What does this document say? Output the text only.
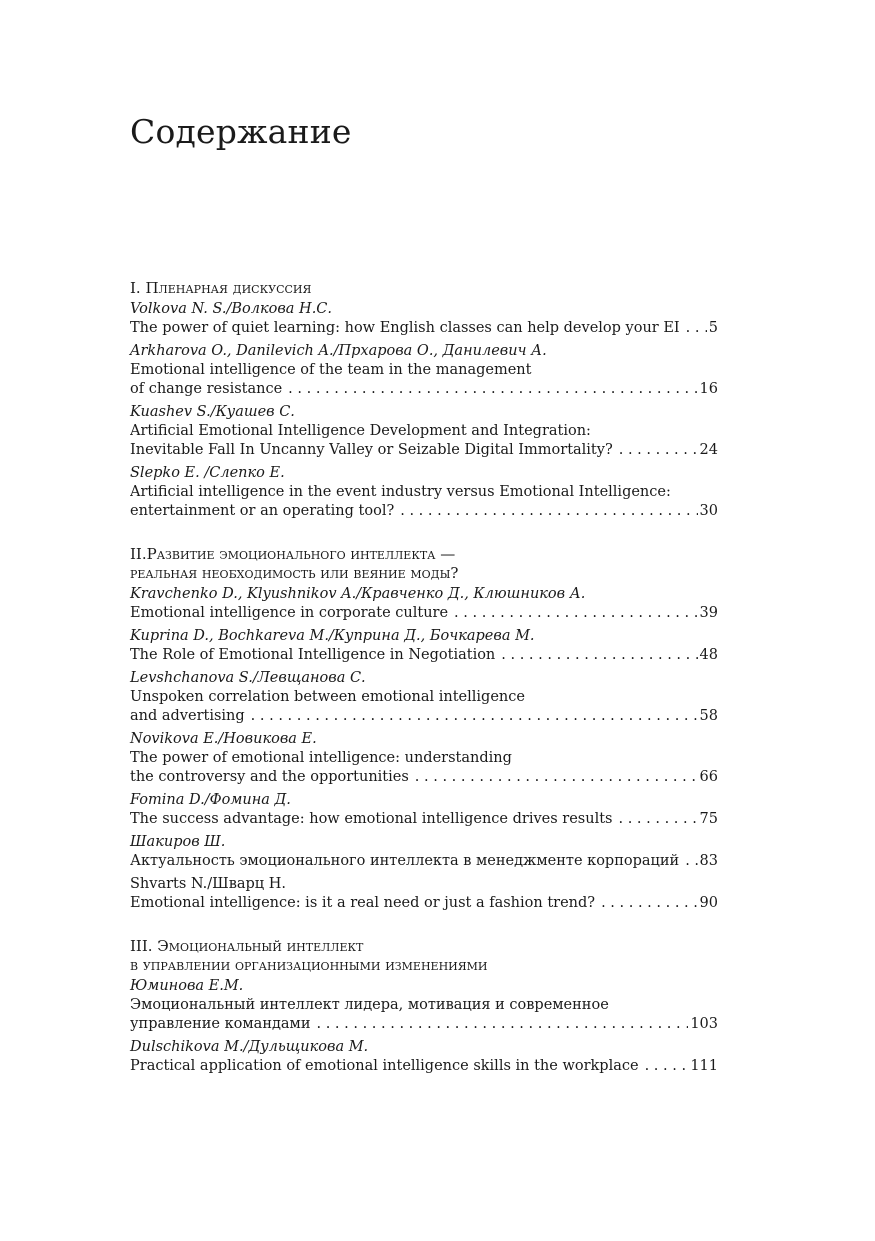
Содержание
I. Пленарная дискуссия
Volkova N. S./Волкова Н.С.
The power of quiet learning: how English classes can help develop your EI . . . 5
Arkharova O., Danilevich A./Прхарова О., Данилевич А.
Emotional intelligence of the team in the management
of change resistance . . .	16
Kuashev S./Куашев С.
Artificial Emotional Intelligence Development and Integration:
Inevitable Fall In Uncanny Valley or Seizable Digital Immortality? . . .	24
Slepko E. /Слепко Е.
Artificial intelligence in the event industry versus Emotional Intelligence:
entertainment or an operating tool? . . .	30
II.Развитие эмоционального интеллекта —
реальная необходимость или веяние моды?
Kravchenko D., Klyushnikov A./Кравченко Д., Клюшников А.
Emotional intelligence in corporate culture . . .	39
Kuprina D., Bochkareva M./Куприна Д., Бочкарева М.
The Role of Emotional Intelligence in Negotiation . . .	48
Levshchanova S./Левщанова С.
Unspoken correlation between emotional intelligence
and advertising . . .	58
Novikova E./Новикова Е.
The power of emotional intelligence: understanding
the controversy and the opportunities . . .	66
Fomina D./Фомина Д.
The success advantage: how emotional intelligence drives results . . .	75
Шакиров Ш.
Актуальность эмоционального интеллекта в менеджменте корпораций . . . 83
Shvarts N./Шварц Н.
Emotional intelligence: is it a real need or just a fashion trend? . . .	90
III. Эмоциональный интеллект
в управлении организационными изменениями
Юминова Е.М.
Эмоциональный интеллект лидера, мотивация и современное
управление командами . . .	103
Dulschikova M./Дульщикова М.
Practical application of emotional intelligence skills in the workplace . . .	111
